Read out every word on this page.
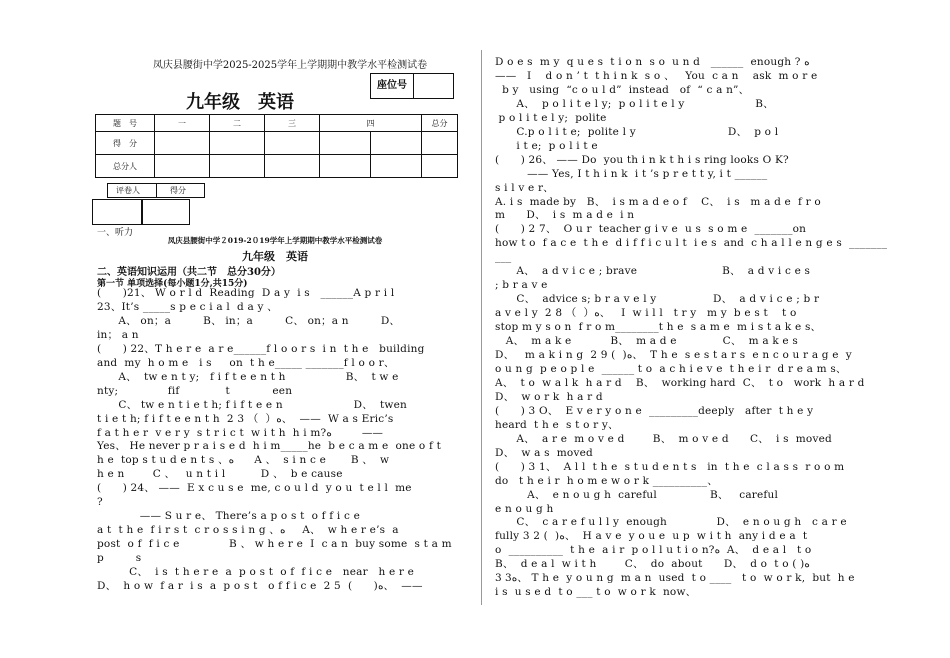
凤庆县腰街中学2025-2025学年上学期期中教学水平检测试卷
座位号
九年级　英语
题　号	一	二	三	四		总分
得　分						
总分人						
评卷人	得分
一、听力
凤庆县腰街中学２019-2０19学年上学期期中教学水平检测试卷
九年级　英语
二、英语知识运用（共二节　总分30分）
第一节 单项选择(每小题1分,共15分)
(　　)21、 W o r l d  Reading  D a y  i s   ______A p r i l
23、It’s _____s p e c i a l  d a y 、
　　A、 on；a　　　B、 in；a　　　C、 on；a n　　　D、
in； a n
(　　) 22、T h e r e  a r e______f l o o r s  i n  t h e   building
and  my  h o m e   i s     on  t h e_____ _______f l o o r、
　　A、  tw e n t y;   f i f t e e n t h                 B、  t w e
nty;              fif             t            een
　　C、 tw e n t i e t h; f i f t e e n                    D、  twen
t i e t h; f i f t e e n t h  2 3 （  ）ﻩ、  ——  W a s Eric’s
f a t h e r  v e r y  s t r i c t  w i t h  h i m?ﻩ         ——
Yes、 He never p r a i s e d  h i m_____he  b e c a m e  one o f t
h e  top s t u d e n t s 、ﻩ      A 、  s i n c e       B 、  w
h e n        C 、   u n t i l          D 、  b e cause
(　　) 24、 ——  E x c u s e  me, c o u l d  y o u  t e l l  me
?
　　　　—— S u r e、 There’s a p o s t  o f f i c e
a t  t h e  f i r s t  c r o s s i n g 、ﻩ     A、  w h e r e’s  a
post  o f  f i c e              B 、 w h e r e  I  c a n  buy some  s t a m
p         s
　　　C、  i s  t h e r e  a  p o s t  o f  f i c e   near   h e r e
D、  h o w  f a r  i s  a  p o s t   o f f i c e  2 5  (　　)ﻩ、  ——
D o e s  m y  q u e s  t i o n  s o  u n d   ______  enough ? ﻩ
——   I    d o n ’ t  t h i n k  s o 、   You  c a n    ask  m o r e
b y   using  “c o u l d”  instead   of  “ c a n”、
　　A、  p o l i t e l y;  p o l i t e l y                    B、
p o l i t e l y;  polite
　　C.p o l i t e;  polite l y                          D、  p o l
　　i t e;  p o l i t e
(　　) 26、 —— Do  you th i n k t h i s ring looks O K?
　　　—— Yes, I t h i n k  i t ’s p r e t t y, i t ______
s i l v e r、
A. i s  made by   B、  i s m a d e o f    C、  i s   m a d e  f r o
m      D、  i s  m a d e  i n
(　　) 2 7、  O u r  teacher g i v e  u s  s o m e  _______on
how t o  f a c e  t h e  d i f f i c u l t  i e s  and  c h a l l e n g e s  _______
___
　　A、  a d v i c e ; brave                        B、  a d v i c e s
; b r a v e
　　C、  advice s; b r a v e l y                D、  a d v i c e ; b r
a v e l y  2 8 （  ）ﻩ、   I  w i l l   t r y   m y  b e s t    t o
stop m y s o n  f r o m________t h e  s a m e  m i s t a k e s、
　A、  m a k e           B、  m a d e             C、  m a k e s
D、   m a k i n g  2 9 (  )ﻩ、  T h e  s e s t a r s  e n c o u r a g e  y
o u n g  p e o p l e  ______ t o  a c h i e v e  t h e i r  d r e a m s、
A、  t o  w a l k  h a r d    B、  working hard  C、  t o   work  h a r d
D、  w o r k  h a r d
(　　) 3 O、  E v e r y o n e  _________deeply   after  t h e y
heard  t h e  s t o r y、
　　A、  a r e  m o v e d        B、  m o v e d      C、  i s  moved
D、  w a s  moved
(　　) 3 1、  A l l  t h e  s t u d e n t s   in  t h e  c l a s s  r o o m
do   t h e i r  h o m e w o r k __________、
　　　A、  e n o u g h  careful               B、   careful
e n o u g h
　　C、  c a r e f u l l y  enough              D、  e n o u g h   c a r e
fully 3 2 (  )ﻩ、  H a v e  y o u e  u p  w i t h  any i d e a  t
o  __________  t h e  a i r  p o l l u t i o n?ﻩ  A、  d e a l   t o
B、  d e a l  w i t h        C、  do  about      D、  d o  t o ( )ﻩ
ﻩ3 3、 T h e  y o u n g  m a n  used  t o ____   t o  w o r k,  but  h e
i s  u s e d  t o ___ t o  w o r k  now、
